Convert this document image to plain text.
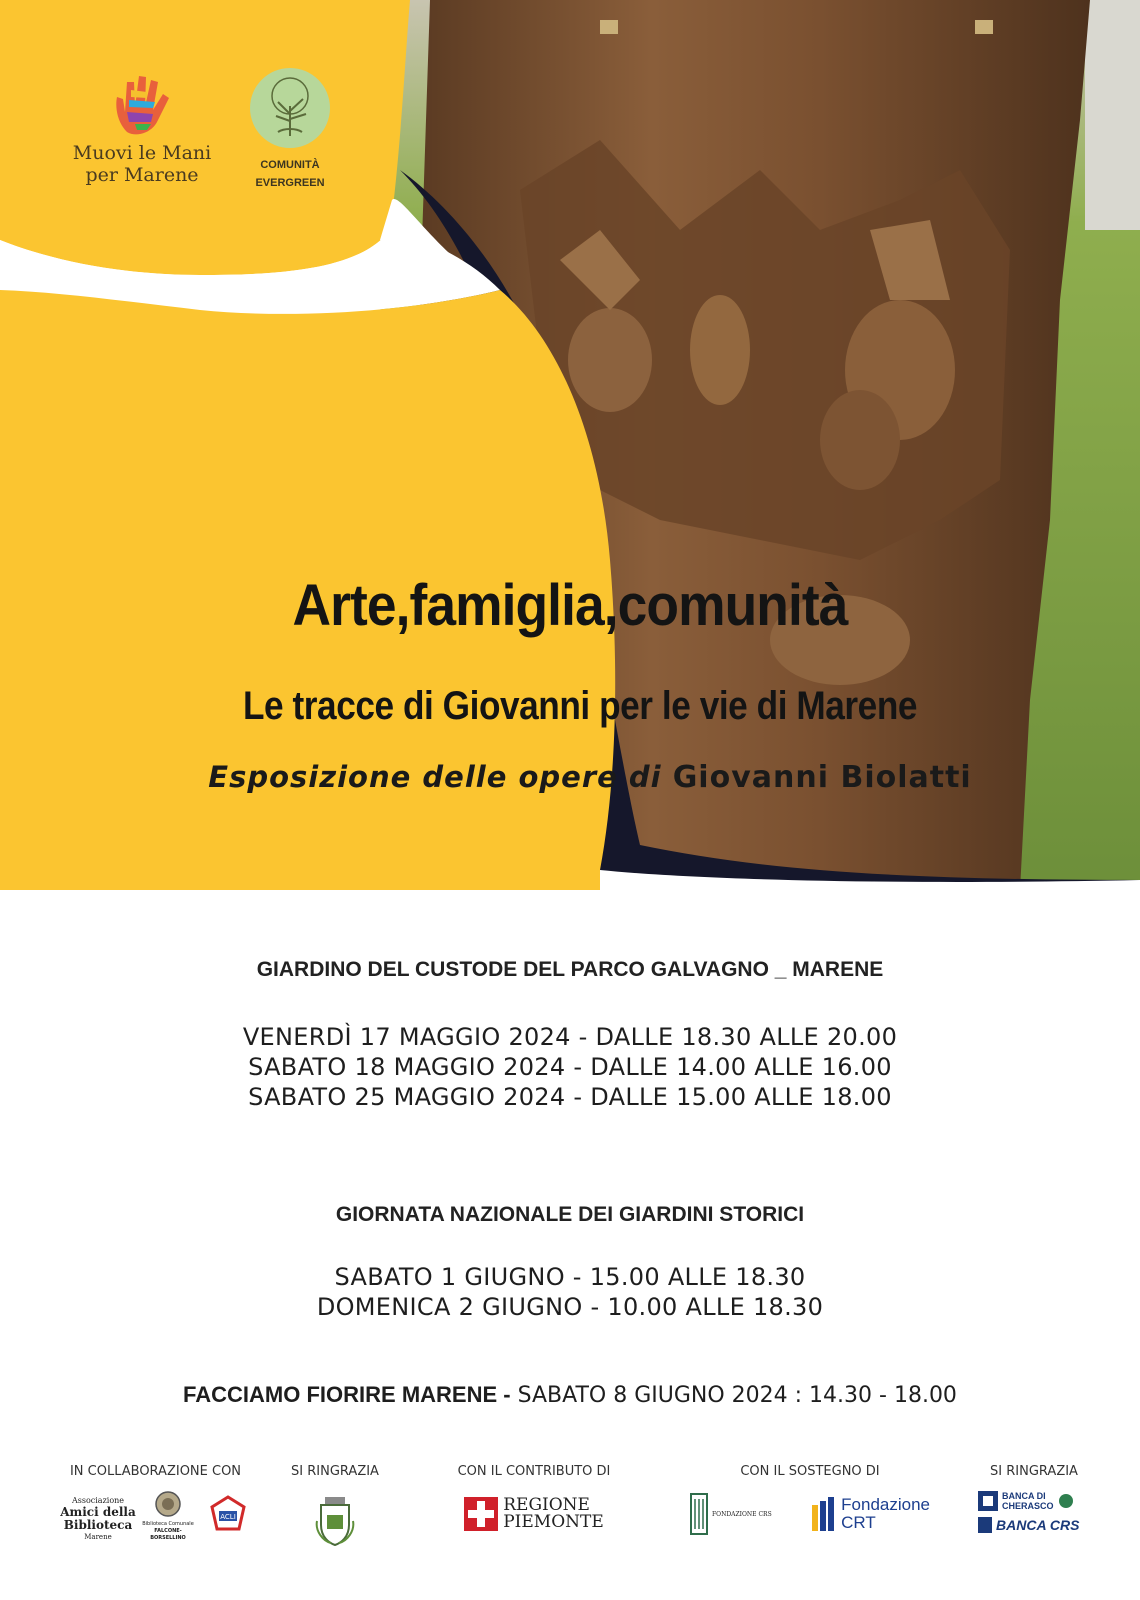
Muovi le Mani
per Marene	COMUNITÀ
EVERGREEN
Arte,famiglia,comunità
Le tracce di Giovanni per le vie di Marene
Esposizione delle opere di Giovanni Biolatti
GIARDINO DEL CUSTODE DEL PARCO GALVAGNO _ MARENE
VENERDÌ 17 MAGGIO 2024 - DALLE 18.30 ALLE 20.00
SABATO 18 MAGGIO 2024 - DALLE 14.00 ALLE 16.00
SABATO 25 MAGGIO 2024 - DALLE 15.00 ALLE 18.00
GIORNATA NAZIONALE DEI GIARDINI STORICI
SABATO 1 GIUGNO - 15.00 ALLE 18.30
DOMENICA 2 GIUGNO - 10.00 ALLE 18.30
FACCIAMO FIORIRE MARENE - SABATO 8 GIUGNO 2024 : 14.30 - 18.00
IN COLLABORAZIONE CON
Associazione
Amici della
Biblioteca
Marene
Biblioteca Comunale
FALCONE-BORSELLINO
ACLI
SI RINGRAZIA	CON IL CONTRIBUTO DI
REGIONE
PIEMONTE
CON IL SOSTEGNO DI
FONDAZIONE CRS	Fondazione
CRT
SI RINGRAZIA
BANCA DI
CHERASCO
BANCA CRS
